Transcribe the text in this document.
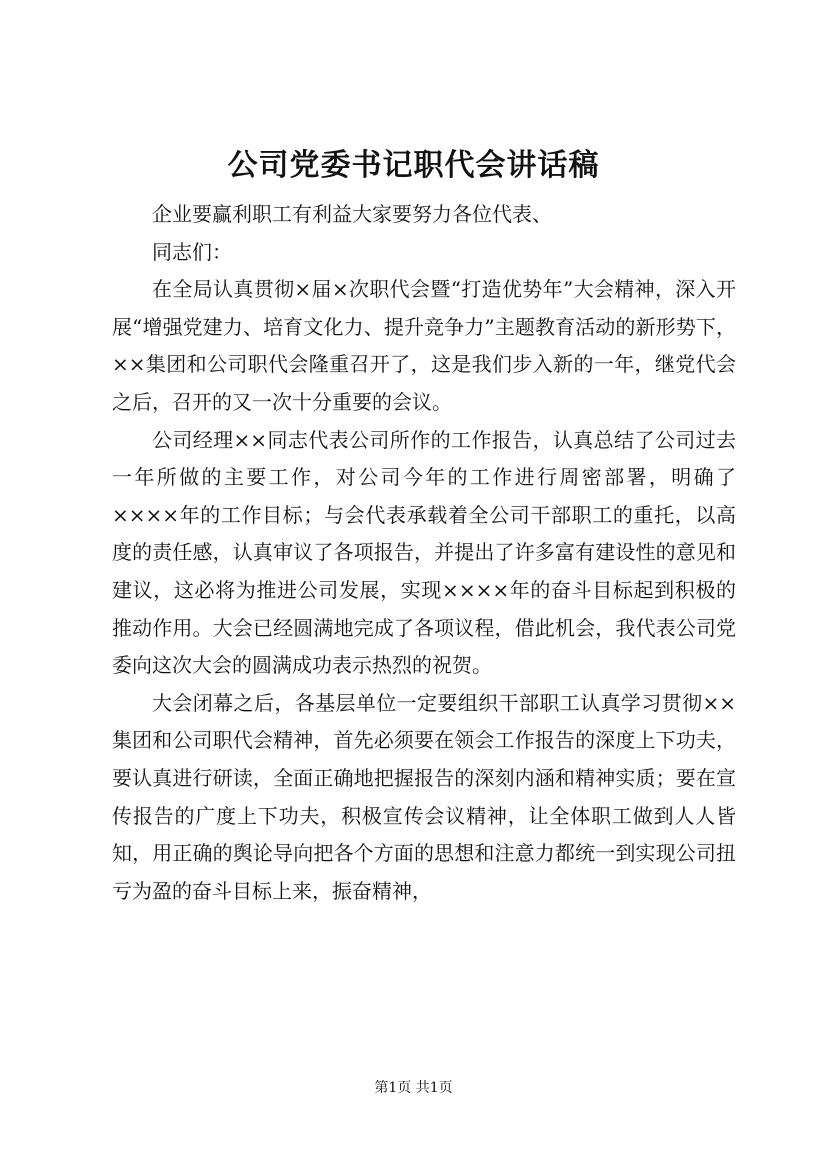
公司党委书记职代会讲话稿

企业要赢利职工有利益大家要努力各位代表、

同志们：

在全局认真贯彻×届×次职代会暨“打造优势年”大会精神，深入开展“增强党建力、培育文化力、提升竞争力”主题教育活动的新形势下，××集团和公司职代会隆重召开了，这是我们步入新的一年，继党代会之后，召开的又一次十分重要的会议。

公司经理××同志代表公司所作的工作报告，认真总结了公司过去一年所做的主要工作，对公司今年的工作进行周密部署，明确了××××年的工作目标；与会代表承载着全公司干部职工的重托，以高度的责任感，认真审议了各项报告，并提出了许多富有建设性的意见和建议，这必将为推进公司发展，实现××××年的奋斗目标起到积极的推动作用。大会已经圆满地完成了各项议程，借此机会，我代表公司党委向这次大会的圆满成功表示热烈的祝贺。

大会闭幕之后，各基层单位一定要组织干部职工认真学习贯彻××集团和公司职代会精神，首先必须要在领会工作报告的深度上下功夫，要认真进行研读，全面正确地把握报告的深刻内涵和精神实质；要在宣传报告的广度上下功夫，积极宣传会议精神，让全体职工做到人人皆知，用正确的舆论导向把各个方面的思想和注意力都统一到实现公司扭亏为盈的奋斗目标上来，振奋精神，

第1页 共1页
